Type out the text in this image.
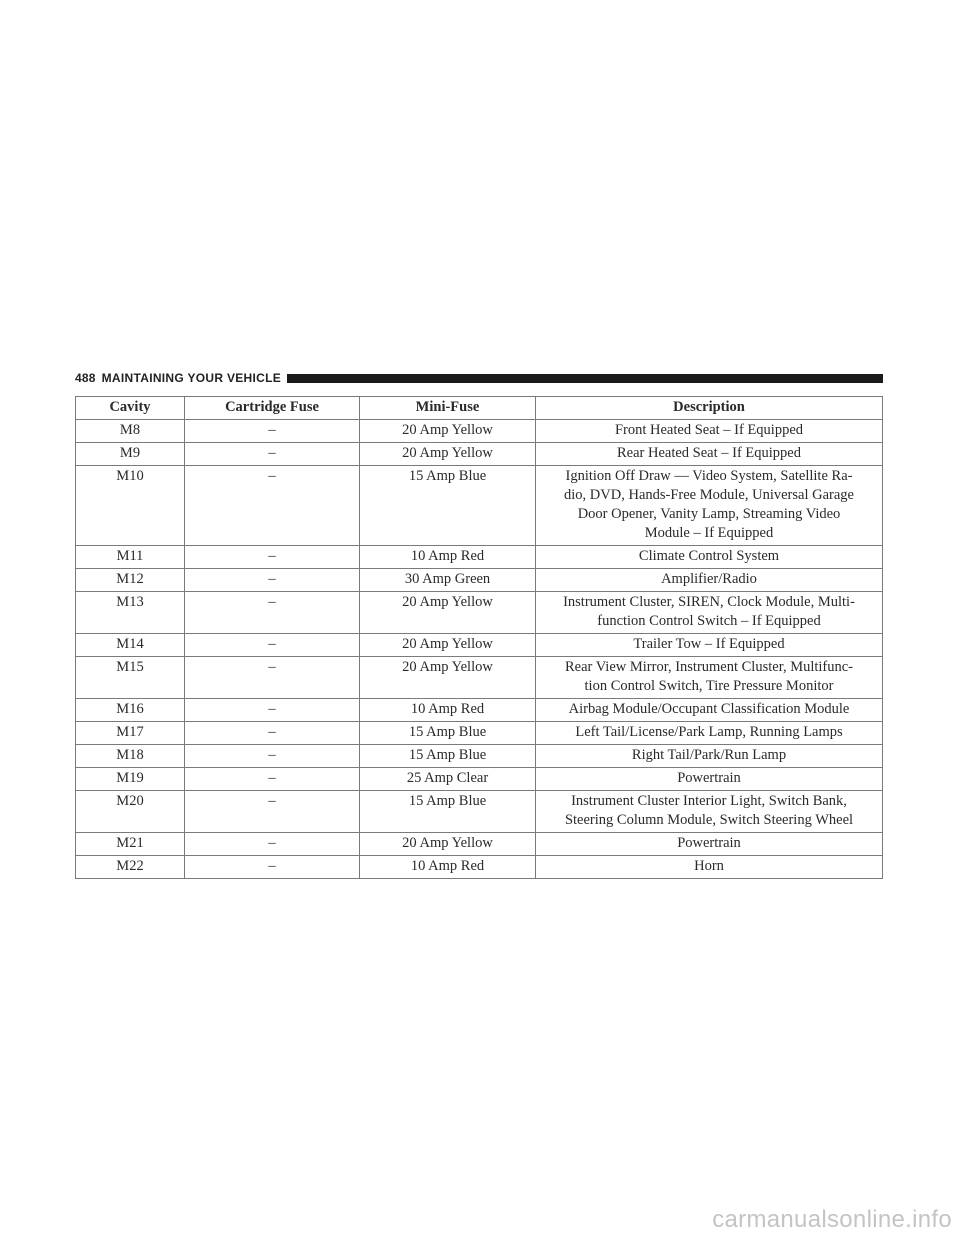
488 MAINTAINING YOUR VEHICLE
Cavity	Cartridge Fuse	Mini-Fuse	Description
M8	–	20 Amp Yellow	Front Heated Seat – If Equipped
M9	–	20 Amp Yellow	Rear Heated Seat – If Equipped
M10	–	15 Amp Blue	Ignition Off Draw — Video System, Satellite Ra-
dio, DVD, Hands-Free Module, Universal Garage
Door Opener, Vanity Lamp, Streaming Video
Module – If Equipped
M11	–	10 Amp Red	Climate Control System
M12	–	30 Amp Green	Amplifier/Radio
M13	–	20 Amp Yellow	Instrument Cluster, SIREN, Clock Module, Multi-
function Control Switch – If Equipped
M14	–	20 Amp Yellow	Trailer Tow – If Equipped
M15	–	20 Amp Yellow	Rear View Mirror, Instrument Cluster, Multifunc-
tion Control Switch, Tire Pressure Monitor
M16	–	10 Amp Red	Airbag Module/Occupant Classification Module
M17	–	15 Amp Blue	Left Tail/License/Park Lamp, Running Lamps
M18	–	15 Amp Blue	Right Tail/Park/Run Lamp
M19	–	25 Amp Clear	Powertrain
M20	–	15 Amp Blue	Instrument Cluster Interior Light, Switch Bank,
Steering Column Module, Switch Steering Wheel
M21	–	20 Amp Yellow	Powertrain
M22	–	10 Amp Red	Horn
carmanualsonline.info
